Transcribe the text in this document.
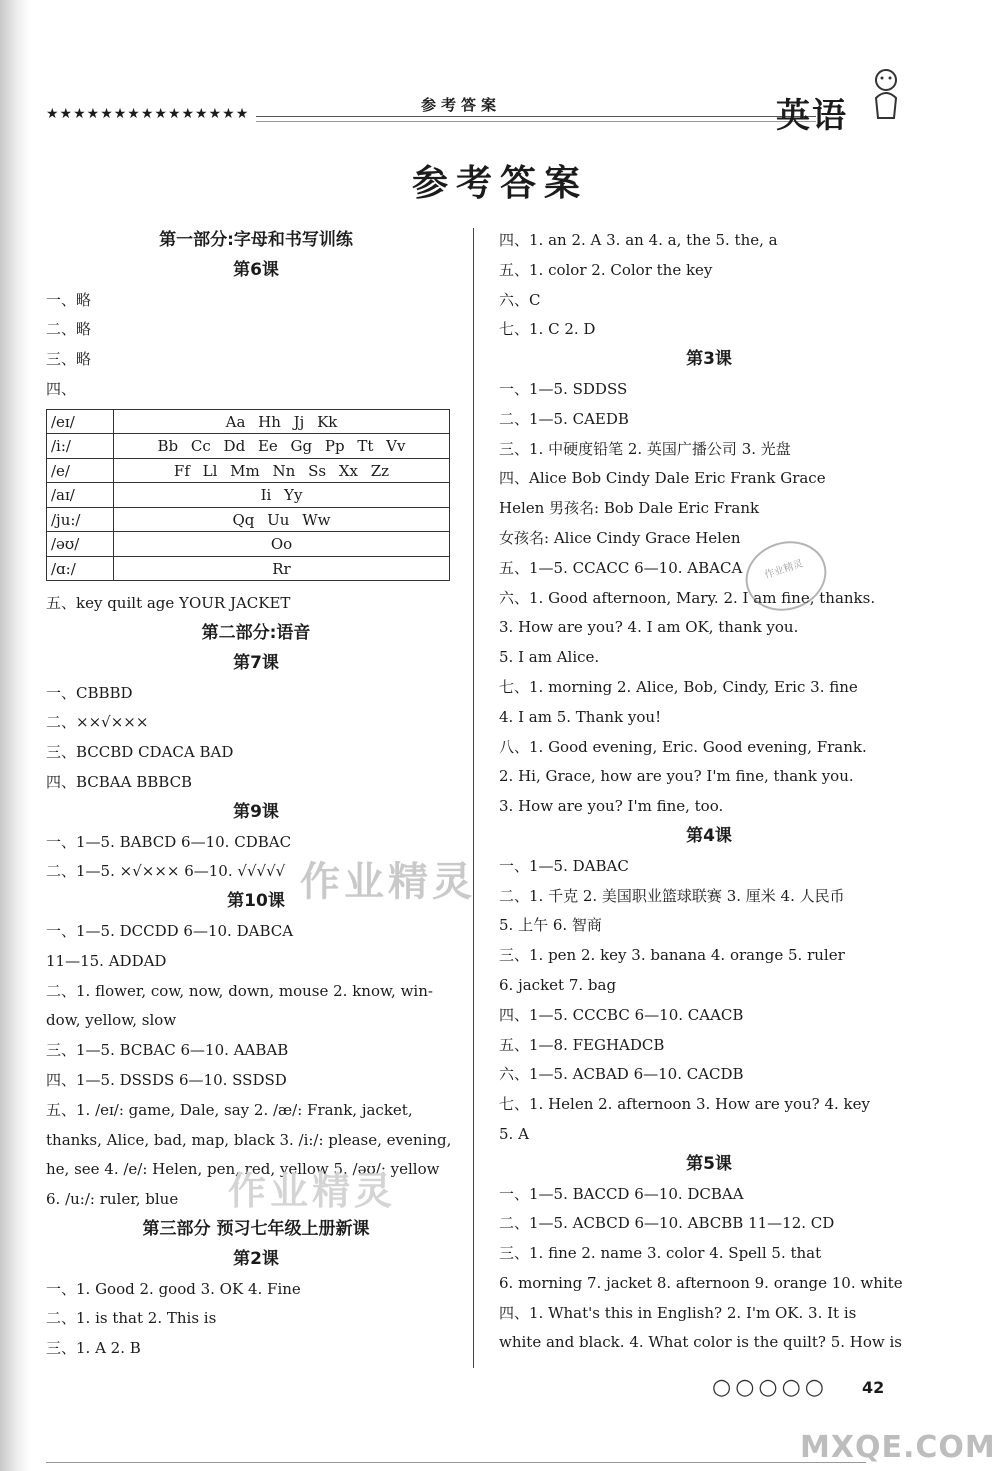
★★★★★★★★★★★★★★★	参考答案	英语
参考答案
第一部分:字母和书写训练
第6课
一、略
二、略
三、略
四、
/eɪ/	Aa Hh Jj Kk
/i:/	Bb Cc Dd Ee Gg Pp Tt Vv
/e/	Ff Ll Mm Nn Ss Xx Zz
/aɪ/	Ii Yy
/ju:/	Qq Uu Ww
/əʊ/	Oo
/ɑ:/	Rr
五、key quilt age YOUR JACKET
第二部分:语音
第7课
一、CBBBD
二、××√×××
三、BCCBD CDACA BAD
四、BCBAA BBBCB
第9课
一、1—5. BABCD 6—10. CDBAC
二、1—5. ×√××× 6—10. √√√√√
第10课
一、1—5. DCCDD 6—10. DABCA
11—15. ADDAD
二、1. flower, cow, now, down, mouse 2. know, win-
dow, yellow, slow
三、1—5. BCBAC 6—10. AABAB
四、1—5. DSSDS 6—10. SSDSD
五、1. /eɪ/: game, Dale, say 2. /æ/: Frank, jacket,
thanks, Alice, bad, map, black 3. /i:/: please, evening,
he, see 4. /e/: Helen, pen, red, yellow 5. /əʊ/: yellow
6. /u:/: ruler, blue
第三部分 预习七年级上册新课
第2课
一、1. Good 2. good 3. OK 4. Fine
二、1. is that 2. This is
三、1. A 2. B
四、1. an 2. A 3. an 4. a, the 5. the, a
五、1. color 2. Color the key
六、C
七、1. C 2. D
第3课
一、1—5. SDDSS
二、1—5. CAEDB
三、1. 中硬度铅笔 2. 英国广播公司 3. 光盘
四、Alice Bob Cindy Dale Eric Frank Grace
Helen 男孩名: Bob Dale Eric Frank
女孩名: Alice Cindy Grace Helen
五、1—5. CCACC 6—10. ABACA
六、1. Good afternoon, Mary. 2. I am fine, thanks.
3. How are you? 4. I am OK, thank you.
5. I am Alice.
七、1. morning 2. Alice, Bob, Cindy, Eric 3. fine
4. I am 5. Thank you!
八、1. Good evening, Eric. Good evening, Frank.
2. Hi, Grace, how are you? I'm fine, thank you.
3. How are you? I'm fine, too.
第4课
一、1—5. DABAC
二、1. 千克 2. 美国职业篮球联赛 3. 厘米 4. 人民币
5. 上午 6. 智商
三、1. pen 2. key 3. banana 4. orange 5. ruler
6. jacket 7. bag
四、1—5. CCCBC 6—10. CAACB
五、1—8. FEGHADCB
六、1—5. ACBAD 6—10. CACDB
七、1. Helen 2. afternoon 3. How are you? 4. key
5. A
第5课
一、1—5. BACCD 6—10. DCBAA
二、1—5. ACBCD 6—10. ABCBB 11—12. CD
三、1. fine 2. name 3. color 4. Spell 5. that
6. morning 7. jacket 8. afternoon 9. orange 10. white
四、1. What's this in English? 2. I'm OK. 3. It is
white and black. 4. What color is the quilt? 5. How is
作业精灵
作业精灵
作业精灵
○○○○○ 42
MXQE.COM
